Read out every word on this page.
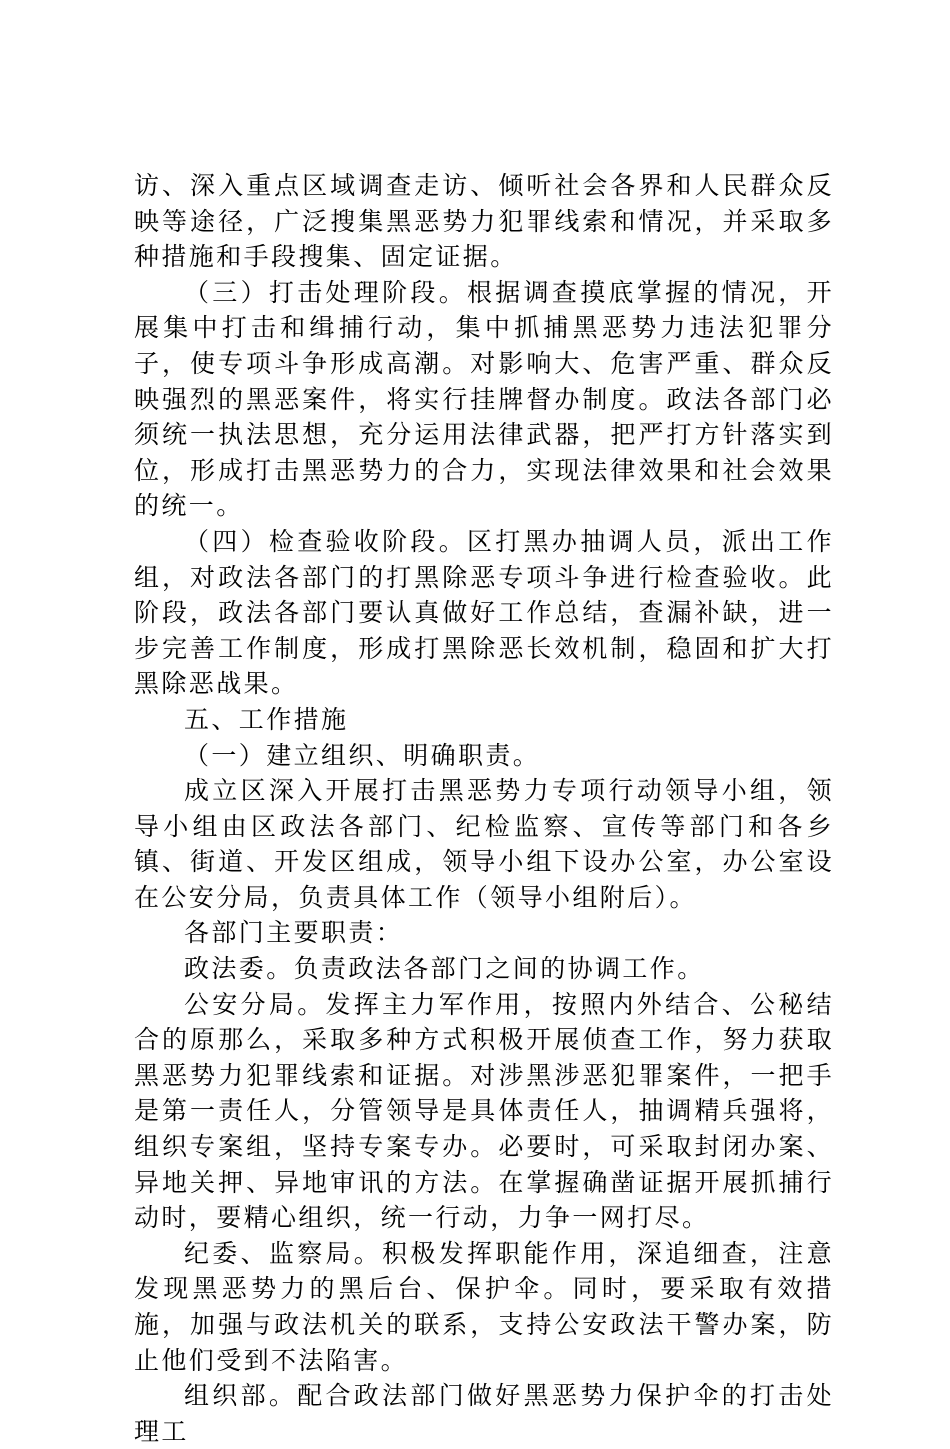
访、深入重点区域调查走访、倾听社会各界和人民群众反映等途径，广泛搜集黑恶势力犯罪线索和情况，并采取多种措施和手段搜集、固定证据。

（三）打击处理阶段。根据调查摸底掌握的情况，开展集中打击和缉捕行动，集中抓捕黑恶势力违法犯罪分子，使专项斗争形成高潮。对影响大、危害严重、群众反映强烈的黑恶案件，将实行挂牌督办制度。政法各部门必须统一执法思想，充分运用法律武器，把严打方针落实到位，形成打击黑恶势力的合力，实现法律效果和社会效果的统一。

（四）检查验收阶段。区打黑办抽调人员，派出工作组，对政法各部门的打黑除恶专项斗争进行检查验收。此阶段，政法各部门要认真做好工作总结，查漏补缺，进一步完善工作制度，形成打黑除恶长效机制，稳固和扩大打黑除恶战果。

五、工作措施

（一）建立组织、明确职责。

成立区深入开展打击黑恶势力专项行动领导小组，领导小组由区政法各部门、纪检监察、宣传等部门和各乡镇、街道、开发区组成，领导小组下设办公室，办公室设在公安分局，负责具体工作（领导小组附后）。

各部门主要职责：

政法委。负责政法各部门之间的协调工作。

公安分局。发挥主力军作用，按照内外结合、公秘结合的原那么，采取多种方式积极开展侦查工作，努力获取黑恶势力犯罪线索和证据。对涉黑涉恶犯罪案件，一把手是第一责任人，分管领导是具体责任人，抽调精兵强将，组织专案组，坚持专案专办。必要时，可采取封闭办案、异地关押、异地审讯的方法。在掌握确凿证据开展抓捕行动时，要精心组织，统一行动，力争一网打尽。

纪委、监察局。积极发挥职能作用，深追细查，注意发现黑恶势力的黑后台、保护伞。同时，要采取有效措施，加强与政法机关的联系，支持公安政法干警办案，防止他们受到不法陷害。

组织部。配合政法部门做好黑恶势力保护伞的打击处理工
